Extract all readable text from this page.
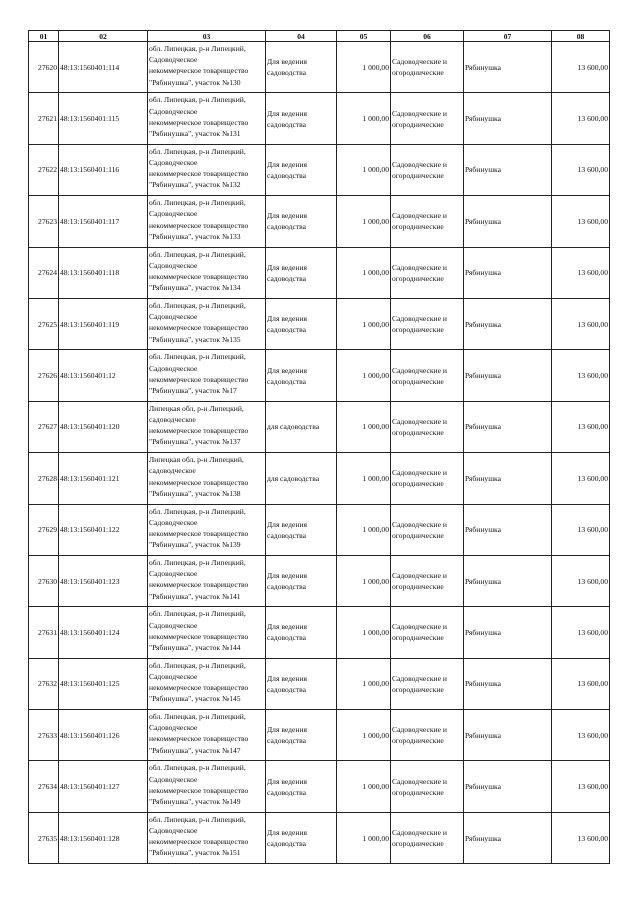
01	02	03	04	05	06	07	08

27620	48:13:1560401:114	обл. Липецкая, р-н Липецкий,
Садоводческое
некоммерческое товарищество
"Рябинушка", участок №130	Для ведения
садоводства	1 000,00	Садоводческие и
огороднические	Рябинушка	13 600,00

27621	48:13:1560401:115	обл. Липецкая, р-н Липецкий,
Садоводческое
некоммерческое товарищество
"Рябинушка", участок №131	Для ведения
садоводства	1 000,00	Садоводческие и
огороднические	Рябинушка	13 600,00

27622	48:13:1560401:116	обл. Липецкая, р-н Липецкий,
Садоводческое
некоммерческое товарищество
"Рябинушка", участок №132	Для ведения
садоводства	1 000,00	Садоводческие и
огороднические	Рябинушка	13 600,00

27623	48:13:1560401:117	обл. Липецкая, р-н Липецкий,
Садоводческое
некоммерческое товарищество
"Рябинушка", участок №133	Для ведения
садоводства	1 000,00	Садоводческие и
огороднические	Рябинушка	13 600,00

27624	48:13:1560401:118	обл. Липецкая, р-н Липецкий,
Садоводческое
некоммерческое товарищество
"Рябинушка", участок №134	Для ведения
садоводства	1 000,00	Садоводческие и
огороднические	Рябинушка	13 600,00

27625	48:13:1560401:119	обл. Липецкая, р-н Липецкий,
Садоводческое
некоммерческое товарищество
"Рябинушка", участок №135	Для ведения
садоводства	1 000,00	Садоводческие и
огороднические	Рябинушка	13 600,00

27626	48:13:1560401:12	обл. Липецкая, р-н Липецкий,
Садоводческое
некоммерческое товарищество
"Рябинушка", участок №17	Для ведения
садоводства	1 000,00	Садоводческие и
огороднические	Рябинушка	13 600,00

27627	48:13:1560401:120	Липецкая обл, р-н Липецкий,
садоводческое
некоммерческое товарищество
"Рябинушка", участок №137	для садоводства	1 000,00	Садоводческие и
огороднические	Рябинушка	13 600,00

27628	48:13:1560401:121	Липецкая обл, р-н Липецкий,
садоводческое
некоммерческое товарищество
"Рябинушка", участок №138	для садоводства	1 000,00	Садоводческие и
огороднические	Рябинушка	13 600,00

27629	48:13:1560401:122	обл. Липецкая, р-н Липецкий,
Садоводческое
некоммерческое товарищество
"Рябинушка", участок №139	Для ведения
садоводства	1 000,00	Садоводческие и
огороднические	Рябинушка	13 600,00

27630	48:13:1560401:123	обл. Липецкая, р-н Липецкий,
Садоводческое
некоммерческое товарищество
"Рябинушка", участок №141	Для ведения
садоводства	1 000,00	Садоводческие и
огороднические	Рябинушка	13 600,00

27631	48:13:1560401:124	обл. Липецкая, р-н Липецкий,
Садоводческое
некоммерческое товарищество
"Рябинушка", участок №144	Для ведения
садоводства	1 000,00	Садоводческие и
огороднические	Рябинушка	13 600,00

27632	48:13:1560401:125	обл. Липецкая, р-н Липецкий,
Садоводческое
некоммерческое товарищество
"Рябинушка", участок №145	Для ведения
садоводства	1 000,00	Садоводческие и
огороднические	Рябинушка	13 600,00

27633	48:13:1560401:126	обл. Липецкая, р-н Липецкий,
Садоводческое
некоммерческое товарищество
"Рябинушка", участок №147	Для ведения
садоводства	1 000,00	Садоводческие и
огороднические	Рябинушка	13 600,00

27634	48:13:1560401:127	обл. Липецкая, р-н Липецкий,
Садоводческое
некоммерческое товарищество
"Рябинушка", участок №149	Для ведения
садоводства	1 000,00	Садоводческие и
огороднические	Рябинушка	13 600,00

27635	48:13:1560401:128	обл. Липецкая, р-н Липецкий,
Садоводческое
некоммерческое товарищество
"Рябинушка", участок №151	Для ведения
садоводства	1 000,00	Садоводческие и
огороднические	Рябинушка	13 600,00
